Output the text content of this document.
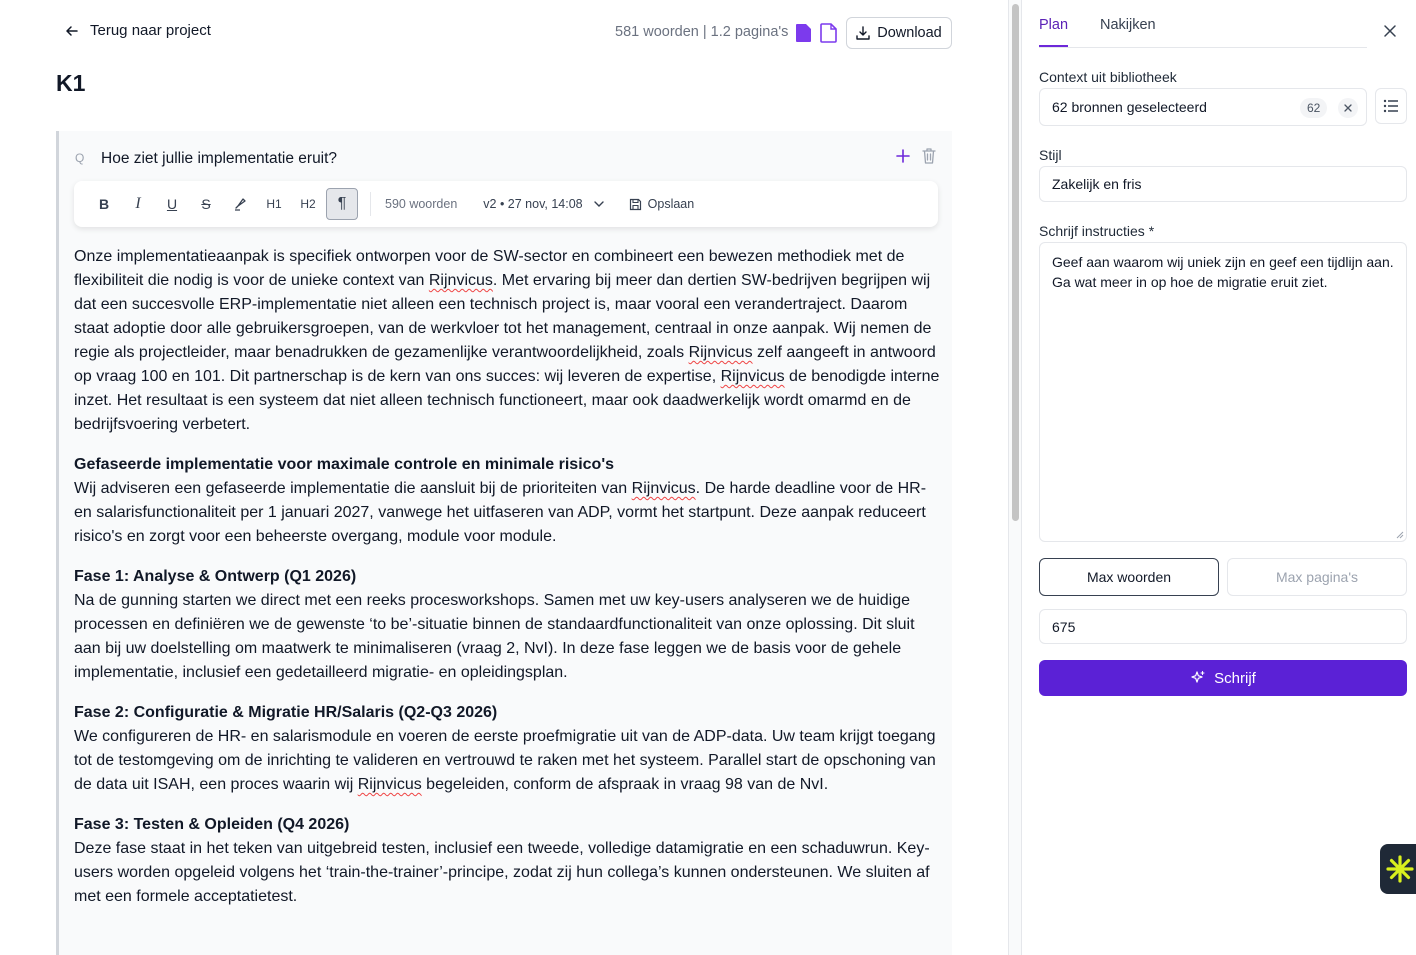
Terug naar project	581 woorden | 1.2 pagina's	Download
K1
Q Hoe ziet jullie implementatie eruit?
B I U S	H1 H2 ¶	590 woorden v2 • 27 nov, 14:08	Opslaan

Onze implementatieaanpak is specifiek ontworpen voor de SW-sector en combineert een bewezen methodiek met de flexibiliteit die nodig is voor de unieke context van Rijnvicus. Met ervaring bij meer dan dertien SW-bedrijven begrijpen wij dat een succesvolle ERP-implementatie niet alleen een technisch project is, maar vooral een verandertraject. Daarom staat adoptie door alle gebruikersgroepen, van de werkvloer tot het management, centraal in onze aanpak. Wij nemen de regie als projectleider, maar benadrukken de gezamenlijke verantwoordelijkheid, zoals Rijnvicus zelf aangeeft in antwoord op vraag 100 en 101. Dit partnerschap is de kern van ons succes: wij leveren de expertise, Rijnvicus de benodigde interne inzet. Het resultaat is een systeem dat niet alleen technisch functioneert, maar ook daadwerkelijk wordt omarmd en de bedrijfsvoering verbetert.

Gefaseerde implementatie voor maximale controle en minimale risico's
Wij adviseren een gefaseerde implementatie die aansluit bij de prioriteiten van Rijnvicus. De harde deadline voor de HR- en salarisfunctionaliteit per 1 januari 2027, vanwege het uitfaseren van ADP, vormt het startpunt. Deze aanpak reduceert risico's en zorgt voor een beheerste overgang, module voor module.

Fase 1: Analyse & Ontwerp (Q1 2026)
Na de gunning starten we direct met een reeks procesworkshops. Samen met uw key-users analyseren we de huidige processen en definiëren we de gewenste ‘to be’-situatie binnen de standaardfunctionaliteit van onze oplossing. Dit sluit aan bij uw doelstelling om maatwerk te minimaliseren (vraag 2, NvI). In deze fase leggen we de basis voor de gehele implementatie, inclusief een gedetailleerd migratie- en opleidingsplan.

Fase 2: Configuratie & Migratie HR/Salaris (Q2-Q3 2026)
We configureren de HR- en salarismodule en voeren de eerste proefmigratie uit van de ADP-data. Uw team krijgt toegang tot de testomgeving om de inrichting te valideren en vertrouwd te raken met het systeem. Parallel start de opschoning van de data uit ISAH, een proces waarin wij Rijnvicus begeleiden, conform de afspraak in vraag 98 van de NvI.

Fase 3: Testen & Opleiden (Q4 2026)
Deze fase staat in het teken van uitgebreid testen, inclusief een tweede, volledige datamigratie en een schaduwrun. Key-users worden opgeleid volgens het ‘train-the-trainer’-principe, zodat zij hun collega’s kunnen ondersteunen. We sluiten af met een formele acceptatietest.

Plan Nakijken
Context uit bibliotheek
62 bronnen geselecteerd	62
Stijl
Zakelijk en fris
Schrijf instructies *
Geef aan waarom wij uniek zijn en geef een tijdlijn aan. Ga wat meer in op hoe de migratie eruit ziet.
Max woorden	Max pagina's
675
Schrijf
